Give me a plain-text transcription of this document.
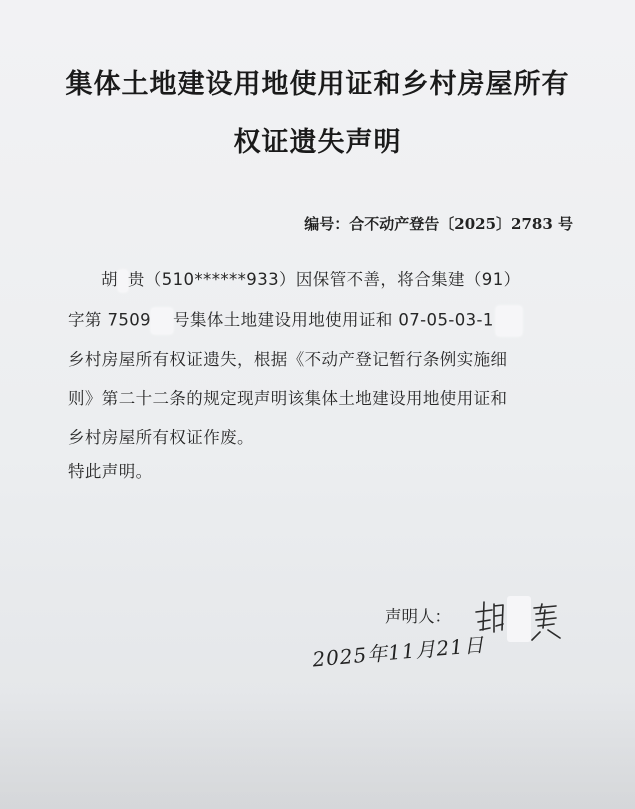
集体土地建设用地使用证和乡村房屋所有
权证遗失声明
编号：合不动产登告〔2025〕2783 号
胡 贵（510******933）因保管不善，将合集建（91）
字第 7509 号集体土地建设用地使用证和 07-05-03-1
乡村房屋所有权证遗失，根据《不动产登记暂行条例实施细
则》第二十二条的规定现声明该集体土地建设用地使用证和
乡村房屋所有权证作废。
特此声明。
声明人：
2025年11月21日
